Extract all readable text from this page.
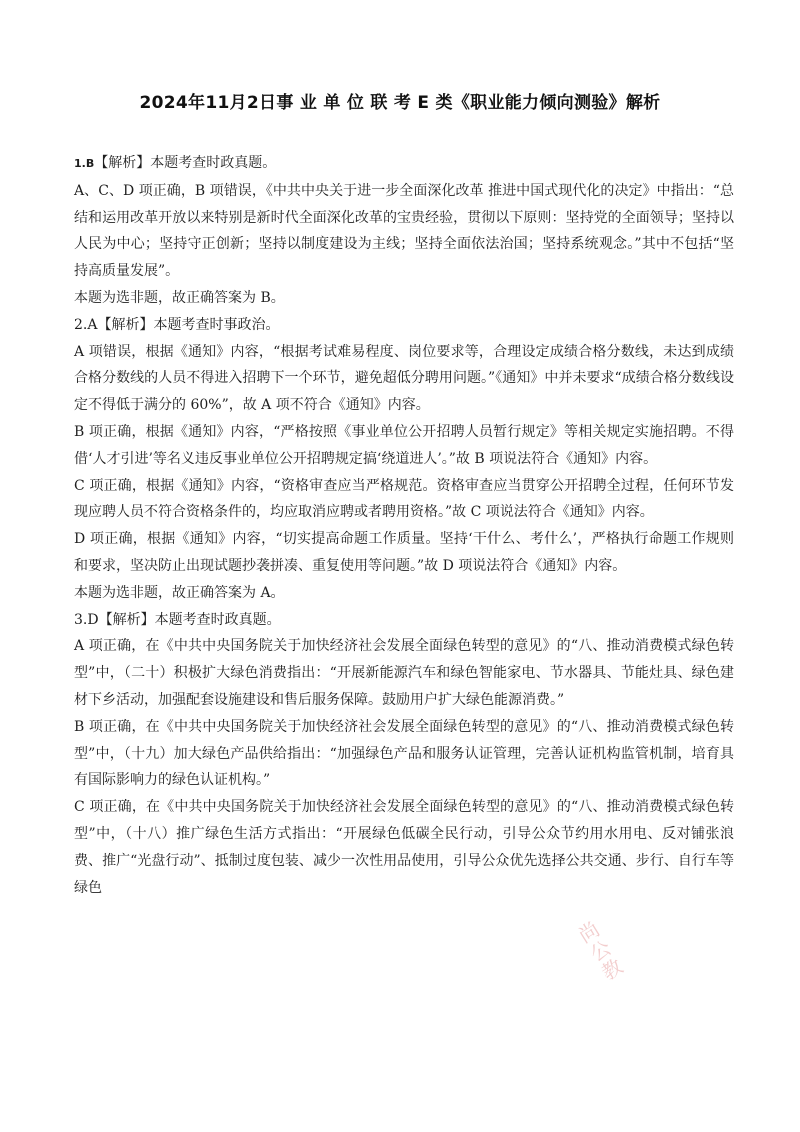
2024年11月2日事 业 单 位 联 考 E 类《职业能力倾向测验》解析

1.B【解析】本题考查时政真题。

A、C、D 项正确，B 项错误，《中共中央关于进一步全面深化改革 推进中国式现代化的决定》中指出：“总结和运用改革开放以来特别是新时代全面深化改革的宝贵经验，贯彻以下原则：坚持党的全面领导；坚持以人民为中心；坚持守正创新；坚持以制度建设为主线；坚持全面依法治国；坚持系统观念。”其中不包括“坚持高质量发展”。

本题为选非题，故正确答案为 B。

2.A【解析】本题考查时事政治。

A 项错误，根据《通知》内容，“根据考试难易程度、岗位要求等，合理设定成绩合格分数线，未达到成绩合格分数线的人员不得进入招聘下一个环节，避免超低分聘用问题。”《通知》中并未要求“成绩合格分数线设定不得低于满分的 60%”，故 A 项不符合《通知》内容。

B 项正确，根据《通知》内容，“严格按照《事业单位公开招聘人员暂行规定》等相关规定实施招聘。不得借‘人才引进’等名义违反事业单位公开招聘规定搞‘绕道进人’。”故 B 项说法符合《通知》内容。

C 项正确，根据《通知》内容，“资格审查应当严格规范。资格审查应当贯穿公开招聘全过程，任何环节发现应聘人员不符合资格条件的，均应取消应聘或者聘用资格。”故 C 项说法符合《通知》内容。

D 项正确，根据《通知》内容，“切实提高命题工作质量。坚持‘干什么、考什么’，严格执行命题工作规则和要求，坚决防止出现试题抄袭拼凑、重复使用等问题。”故 D 项说法符合《通知》内容。

本题为选非题，故正确答案为 A。

3.D【解析】本题考查时政真题。

A 项正确，在《中共中央国务院关于加快经济社会发展全面绿色转型的意见》的“八、推动消费模式绿色转型”中，（二十）积极扩大绿色消费指出：“开展新能源汽车和绿色智能家电、节水器具、节能灶具、绿色建材下乡活动，加强配套设施建设和售后服务保障。鼓励用户扩大绿色能源消费。”

B 项正确，在《中共中央国务院关于加快经济社会发展全面绿色转型的意见》的“八、推动消费模式绿色转型”中，（十九）加大绿色产品供给指出：“加强绿色产品和服务认证管理，完善认证机构监管机制，培育具有国际影响力的绿色认证机构。”

C 项正确，在《中共中央国务院关于加快经济社会发展全面绿色转型的意见》的“八、推动消费模式绿色转型”中，（十八）推广绿色生活方式指出：“开展绿色低碳全民行动，引导公众节约用水用电、反对铺张浪费、推广“光盘行动”、抵制过度包装、减少一次性用品使用，引导公众优先选择公共交通、步行、自行车等绿色

尚
公
教
